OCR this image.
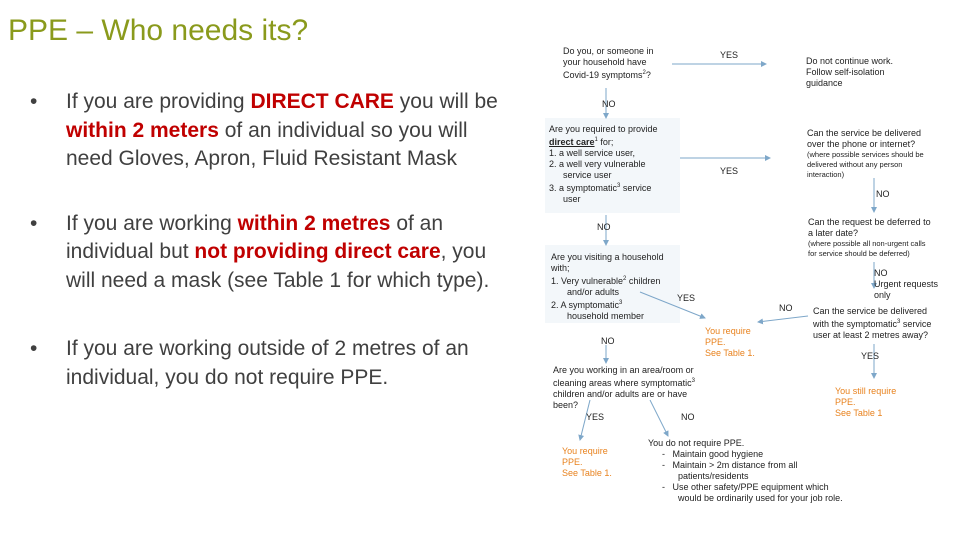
PPE – Who needs its?
• If you are providing DIRECT CARE you will be within 2 meters of an individual so you will need Gloves, Apron, Fluid Resistant Mask
• If you are working within 2 metres of an individual but not providing direct care, you will need a mask (see Table 1 for which type).
• If you are working outside of 2 metres of an individual, you do not require PPE.
Do you, or someone in
your household have
Covid-19 symptoms$^2$?
YES
Do not continue work.
Follow self-isolation
guidance
NO
Are you required to provide
direct care$^1$ for;
1. a well service user,
2. a well very vulnerable
service user
3. a symptomatic$^3$ service
user
YES
Can the service be delivered
over the phone or internet?
(where possible services should be
delivered without any person
interaction)
NO
Can the request be deferred to
a later date?
(where possible all non-urgent calls
for service should be deferred)
NO
Are you visiting a household
with;
1. Very vulnerable$^2$ children
and/or adults
2. A symptomatic$^3$
household member
YES
NO
NO
Urgent requests
only
NO Can the service be delivered
with the symptomatic$^3$ service
user at least 2 metres away?
You require
PPE.
See Table 1.	YES
Are you working in an area/room or
cleaning areas where symptomatic$^3$
children and/or adults are or have
been?
You still require
PPE.
See Table 1
YES	NO
You require
PPE.
See Table 1.
You do not require PPE.
- Maintain good hygiene
- Maintain > 2m distance from all
patients/residents
- Use other safety/PPE equipment which
would be ordinarily used for your job role.
